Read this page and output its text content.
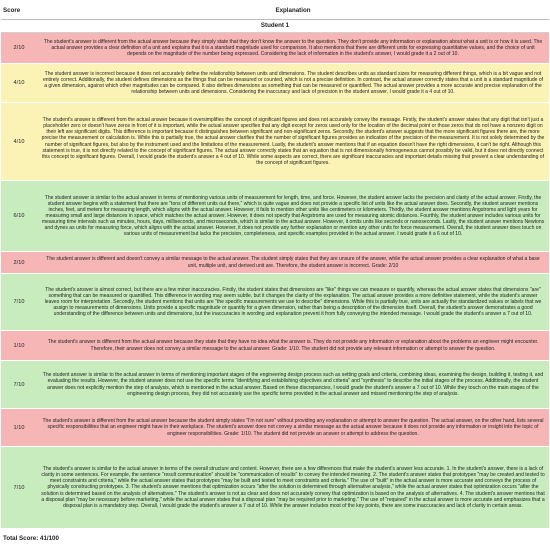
Score	Explanation
Student 1
2/10
The student's answer is different from the actual answer because they simply state that they don't know the answer to the question. They don't provide any information or explanation about what a unit is or how it is used. The actual answer provides a clear definition of a unit and explains that it is a standard magnitude used for comparison. It also mentions that there are different units for expressing quantitative values, and the choice of unit depends on the magnitude of the number being expressed. Considering the lack of information in the student's answer, I would grade it a 2 out of 10.
4/10
The student answer is incorrect because it does not accurately define the relationship between units and dimensions. The student describes units as standard sizes for measuring different things, which is a bit vague and not entirely correct. Additionally, the student defines dimensions as the things that can be measured or counted, which is not a precise definition. In contrast, the actual answer correctly states that a unit is a standard magnitude of a given dimension, against which other magnitudes can be compared. It also defines dimensions as something that can be measured or quantified. The actual answer provides a more accurate and precise explanation of the relationship between units and dimensions. Considering the inaccuracy and lack of precision in the student answer, I would grade it a 4 out of 10.
4/10
The student's answer is different from the actual answer because it oversimplifies the concept of significant figures and does not accurately convey the message. Firstly, the student's answer states that any digit that isn't just a placeholder zero or doesn't have zeros in front of it is important, while the actual answer specifies that any digit except for zeros used only for the location of the decimal point or those zeros that do not have a nonzero digit on their left are significant digits. This difference is important because it distinguishes between significant and non-significant zeros. Secondly, the student's answer suggests that the more significant figures there are, the more precise the measurement or calculation is. While this is partially true, the actual answer clarifies that the number of significant figures provides an indication of the precision of the measurement. It is not solely determined by the number of significant figures, but also by the instrument used and the limitations of the measurement. Lastly, the student's answer mentions that if an equation doesn't have the right dimensions, it can't be right. Although this statement is true, it is not directly related to the concept of significant figures. The actual answer correctly states that an equation that is not dimensionally homogeneous cannot possibly be valid, but it does not directly connect this concept to significant figures. Overall, I would grade the student's answer a 4 out of 10. While some aspects are correct, there are significant inaccuracies and important details missing that prevent a clear understanding of the concept of significant figures.
6/10
The student answer is similar to the actual answer in terms of mentioning various units of measurement for length, time, and force. However, the student answer lacks the precision and clarity of the actual answer. Firstly, the student answer begins with a statement that there are "tons of different units out there," which is quite vague and does not provide a specific list of units like the actual answer does. Secondly, the student answer mentions inches, feet, and meters for measuring length, which aligns with the actual answer. However, it fails to mention other units like centimeters or kilometers. Thirdly, the student answer mentions Angstroms and light years for measuring small and large distances in space, which matches the actual answer. However, it does not specify that Angstroms are used for measuring atomic distances. Fourthly, the student answer includes various units for measuring time intervals such as minutes, hours, days, milliseconds, and microseconds, which is similar to the actual answer. However, it omits units like seconds or nanoseconds. Lastly, the student answer mentions Newtons and dynes as units for measuring force, which aligns with the actual answer. However, it does not provide any further explanation or mention any other units for force measurement. Overall, the student answer does touch on various units of measurement but lacks the precision, completeness, and specific examples provided in the actual answer. I would grade it a 6 out of 10.
2/10
The student answer is different and doesn't convey a similar message to the actual answer. The student simply states that they are unsure of the answer, while the actual answer provides a clear explanation of what a base unit, multiple unit, and derived unit are. Therefore, the student answer is incorrect. Grade: 2/10
7/10
The student's answer is almost correct, but there are a few minor inaccuracies. Firstly, the student states that dimensions are "like" things we can measure or quantify, whereas the actual answer states that dimensions "are" something that can be measured or quantified. This difference in wording may seem subtle, but it changes the clarity of the explanation. The actual answer provides a more definitive statement, while the student's answer leaves room for interpretation. Secondly, the student mentions that units are "the specific measurements we use to describe" dimensions. While this is partially true, units are actually the standardized values or labels that we assign to measurements of dimensions. Units provide a specific magnitude or quantity for a given dimension, rather than being a description of the dimension itself. Overall, the student's answer demonstrates a good understanding of the difference between units and dimensions, but the inaccuracies in wording and explanation prevent it from fully conveying the intended message. I would grade the student's answer a 7 out of 10.
1/10
The student's answer is different from the actual answer because they state that they have no idea what the answer is. They do not provide any information or explanation about the problems an engineer might encounter. Therefore, their answer does not convey a similar message to the actual answer. Grade: 1/10. The student did not provide any relevant information or attempt to answer the question.
7/10
The student answer is similar to the actual answer in terms of mentioning important stages of the engineering design process such as setting goals and criteria, combining ideas, examining the design, building it, testing it, and evaluating the results. However, the student answer does not use the specific terms "identifying and establishing objectives and criteria" and "synthesis" to describe the initial stages of the process. Additionally, the student answer does not explicitly mention the step of analysis, which is mentioned in the actual answer. Based on these discrepancies, I would grade the student's answer a 7 out of 10. While they touch on the main stages of the engineering design process, they did not accurately use the specific terms provided in the actual answer and missed mentioning the step of analysis.
1/10
The student's answer is different from the actual answer because the student simply states "I'm not sure" without providing any explanation or attempt to answer the question. The actual answer, on the other hand, lists several specific responsibilities that an engineer might have in their workplace. The student's answer does not convey a similar message as the actual answer because it does not provide any information or insight into the topic of engineer responsibilities. Grade: 1/10. The student did not provide an answer or attempt to address the question.
7/10
The student's answer is similar to the actual answer in terms of the overall structure and content. However, there are a few differences that make the student's answer less accurate. 1. In the student's answer, there is a lack of clarity in some sentences. For example, the sentence "result communication" should be "communication of results" to convey the intended meaning. 2. The student's answer states that prototypes "may be created and tested to meet constraints and criteria," while the actual answer states that prototypes "may be built and tested to meet constraints and criteria." The use of "built" in the actual answer is more accurate and conveys the process of physically constructing prototypes. 3. The student's answer mentions that optimization occurs "after the solution is determined through alternative analysis," while the actual answer states that optimization occurs "after the solution is determined based on the analysis of alternatives." The student's answer is not as clear and does not accurately convey that optimization is based on the analysis of alternatives. 4. The student's answer mentions that a disposal plan "may be necessary before marketing," while the actual answer states that a disposal plan "may be required prior to marketing." The use of "required" in the actual answer is more accurate and emphasizes that a disposal plan is a mandatory step. Overall, I would grade the student's answer a 7 out of 10. While the answer includes most of the key points, there are some inaccuracies and lack of clarity in certain areas.
Total Score: 41/100
